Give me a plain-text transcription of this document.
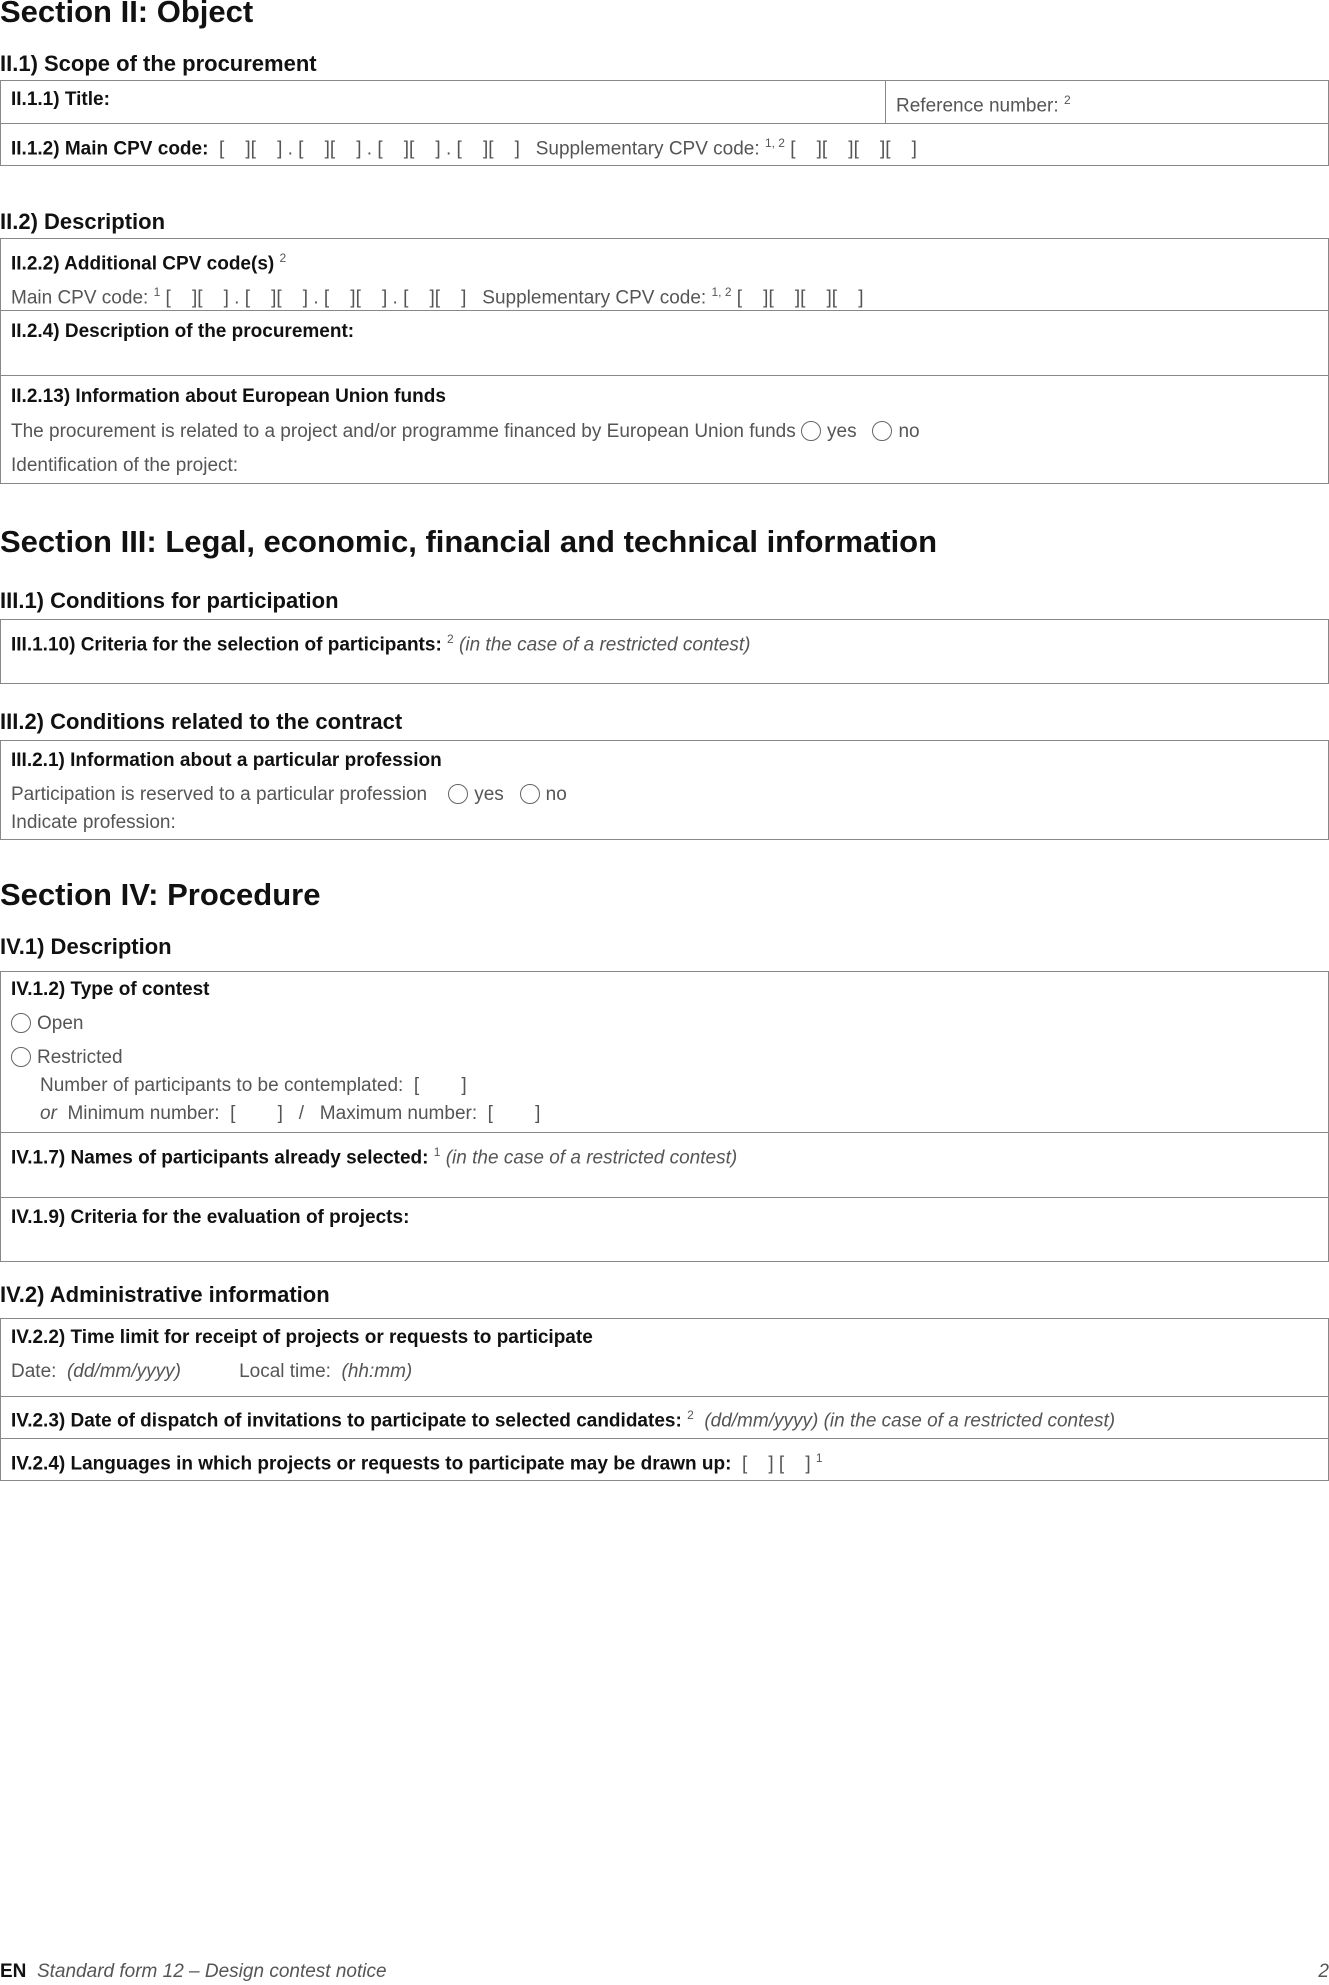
Section II: Object
II.1) Scope of the procurement
II.1.1) Title:	Reference number: $^2$
II.1.2) Main CPV code: [    ][    ] . [    ][    ] . [    ][    ] . [    ][    ] Supplementary CPV code: $^{1, 2}$ [    ][    ][    ][    ]
II.2) Description
II.2.2) Additional CPV code(s) $^2$
Main CPV code: $^1$ [    ][    ] . [    ][    ] . [    ][    ] . [    ][    ] Supplementary CPV code: $^{1, 2}$ [    ][    ][    ][    ]
II.2.4) Description of the procurement:
II.2.13) Information about European Union funds
The procurement is related to a project and/or programme financed by European Union funds yes no
Identification of the project:
Section III: Legal, economic, financial and technical information
III.1) Conditions for participation
III.1.10) Criteria for the selection of participants: $^2$ (in the case of a restricted contest)
III.2) Conditions related to the contract
III.2.1) Information about a particular profession
Participation is reserved to a particular profession yes no
Indicate profession:
Section IV: Procedure
IV.1) Description
IV.1.2) Type of contest
Open
Restricted
Number of participants to be contemplated:  [        ]
or Minimum number:  [        ]   /   Maximum number:  [        ]
IV.1.7) Names of participants already selected: $^1$ (in the case of a restricted contest)
IV.1.9) Criteria for the evaluation of projects:
IV.2) Administrative information
IV.2.2) Time limit for receipt of projects or requests to participate
Date: (dd/mm/yyyy)	Local time: (hh:mm)
IV.2.3) Date of dispatch of invitations to participate to selected candidates: $^2$ (dd/mm/yyyy) (in the case of a restricted contest)
IV.2.4) Languages in which projects or requests to participate may be drawn up: [    ] [    ] $^1$
EN Standard form 12 – Design contest notice	2
